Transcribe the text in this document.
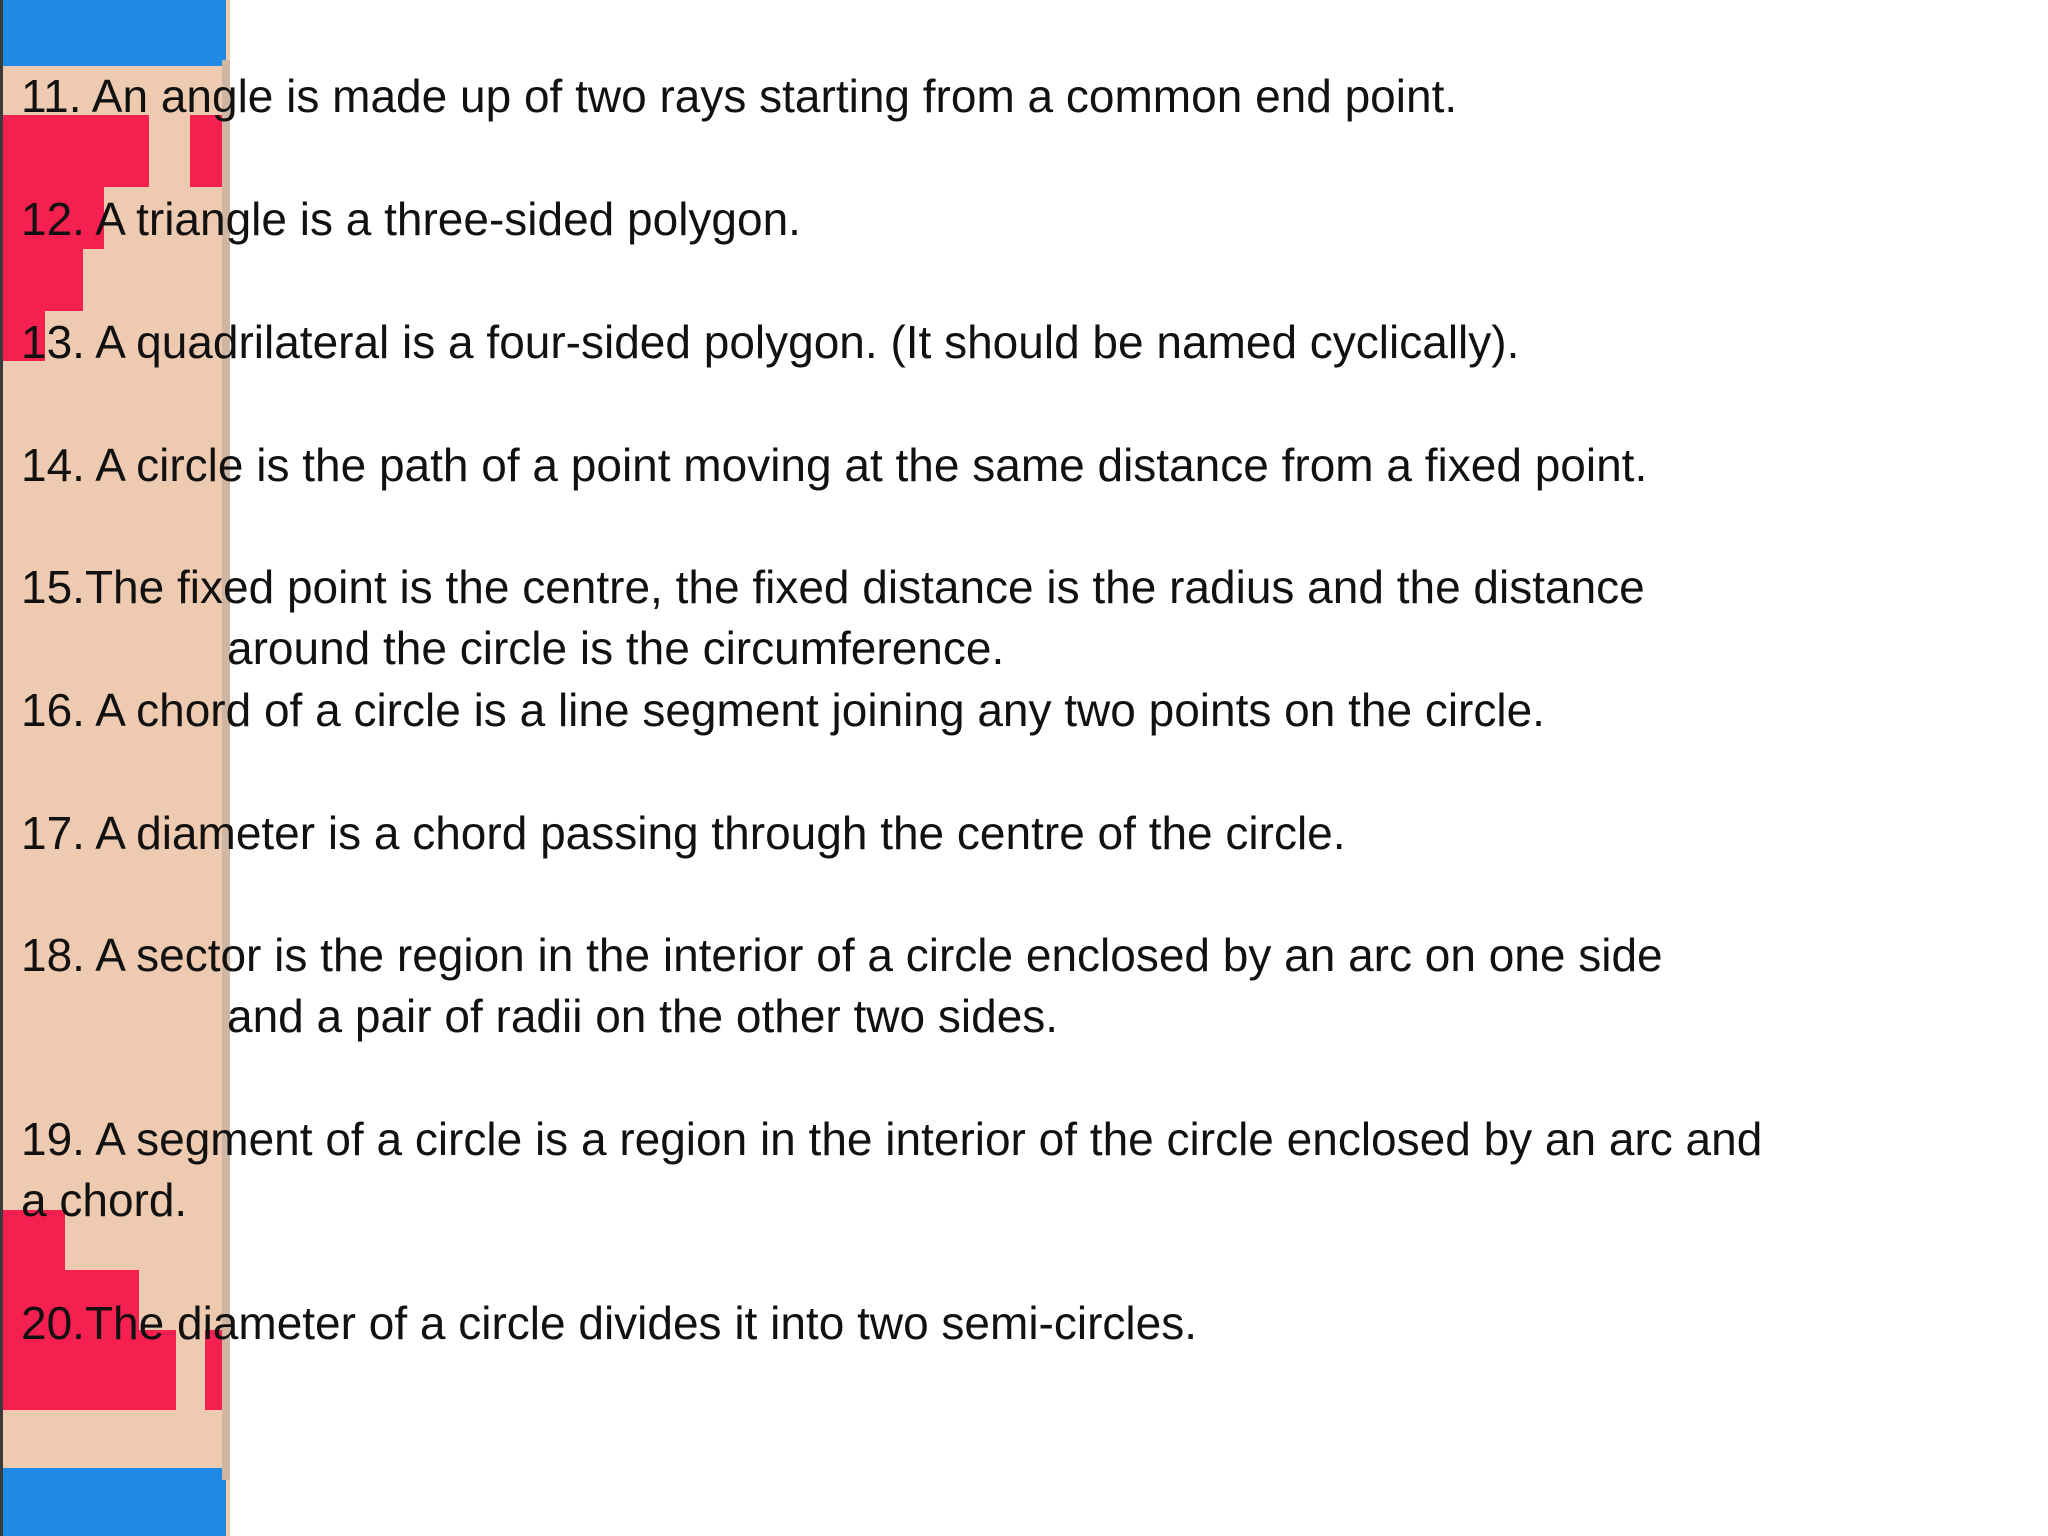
11. An angle is made up of two rays starting from a common end point.
12. A triangle is a three-sided polygon.
13. A quadrilateral is a four-sided polygon. (It should be named cyclically).
14. A circle is the path of a point moving at the same distance from a fixed point.
15.The fixed point is the centre, the fixed distance is the radius and the distance
around the circle is the circumference.
16. A chord of a circle is a line segment joining any two points on the circle.
17. A diameter is a chord passing through the centre of the circle.
18. A sector is the region in the interior of a circle enclosed by an arc on one side
and a pair of radii on the other two sides.
19. A segment of a circle is a region in the interior of the circle enclosed by an arc and
a chord.
20.The diameter of a circle divides it into two semi-circles.
